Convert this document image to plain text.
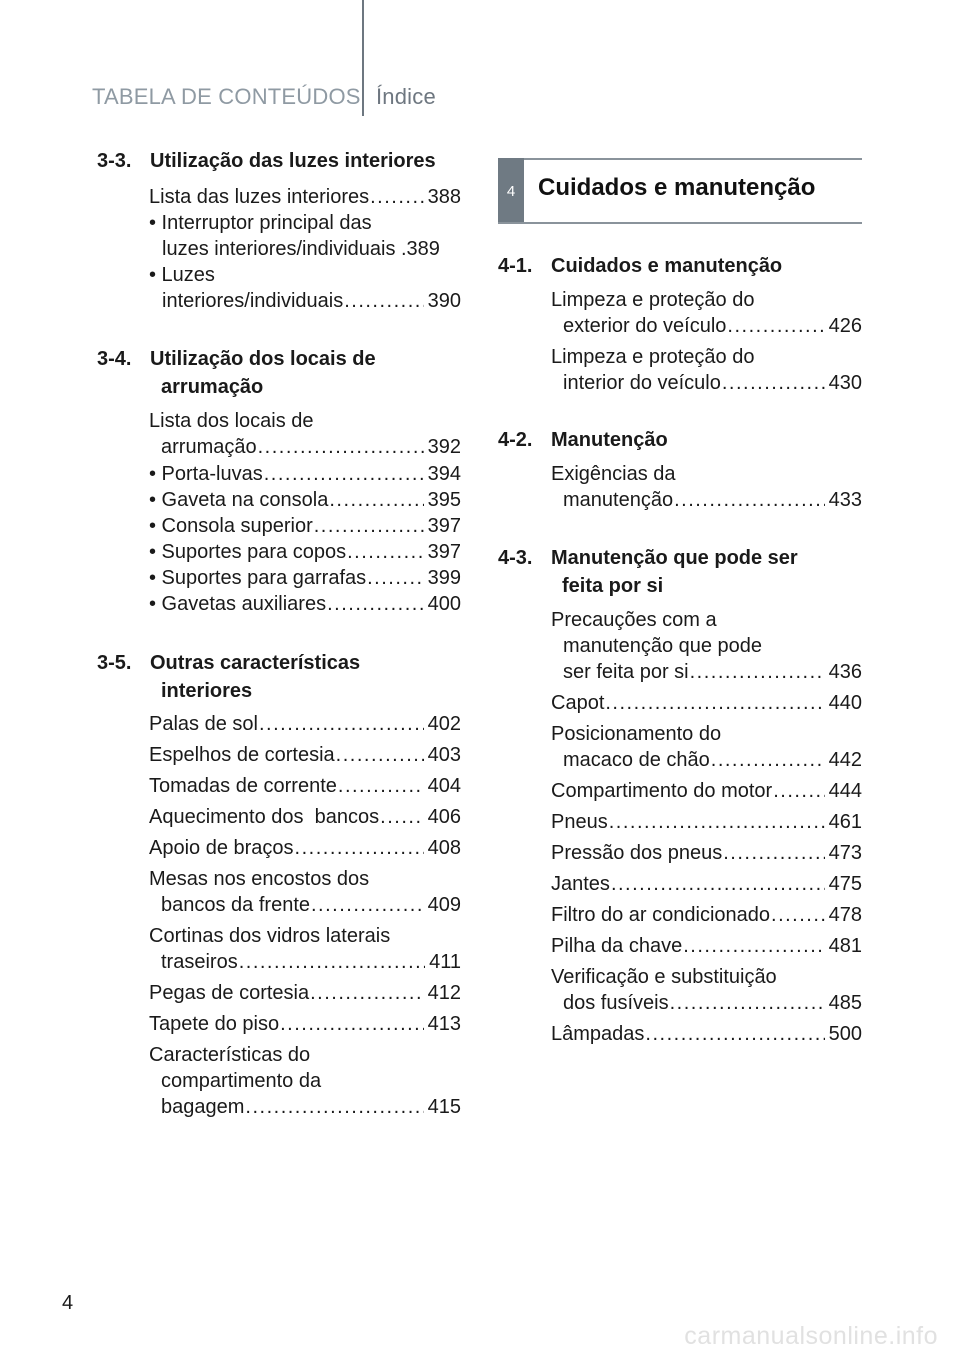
TABELA DE CONTEÚDOS Índice
3-3. Utilização das luzes interiores
Lista das luzes interiores .....	388
• Interruptor principal das
luzes interiores/individuais .389
• Luzes
interiores/individuais .....	390
3-4. Utilização dos locais de
arrumação
Lista dos locais de
arrumação .....	392
• Porta-luvas .....	394
• Gaveta na consola .....	395
• Consola superior .....	397
• Suportes para copos .....	397
• Suportes para garrafas .....	399
• Gavetas auxiliares .....	400
3-5. Outras características
interiores
Palas de sol .....	402
Espelhos de cortesia .....	403
Tomadas de corrente .....	404
Aquecimento dos  bancos ..... 406
Apoio de braços .....	408
Mesas nos encostos dos
bancos da frente .....	409
Cortinas dos vidros laterais
traseiros .....	411
Pegas de cortesia .....	412
Tapete do piso .....	413
Características do
compartimento da
bagagem .....	415
4 Cuidados e manutenção
4-1. Cuidados e manutenção
Limpeza e proteção do
exterior do veículo .....	426
Limpeza e proteção do
interior do veículo .....	430
4-2. Manutenção
Exigências da
manutenção .....	433
4-3. Manutenção que pode ser
feita por si
Precauções com a
manutenção que pode
ser feita por si .....	436
Capot .....	440
Posicionamento do
macaco de chão .....	442
Compartimento do motor .....	444
Pneus .....	461
Pressão dos pneus .....	473
Jantes .....	475
Filtro do ar condicionado .....	478
Pilha da chave .....	481
Verificação e substituição
dos fusíveis .....	485
Lâmpadas .....	500
4
carmanualsonline.info
